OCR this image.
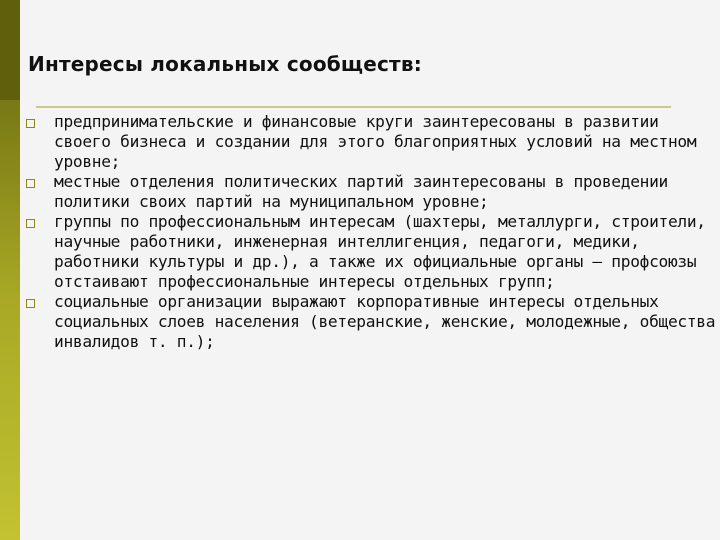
Интересы локальных сообществ:
предпринимательские и финансовые круги заинтересованы в развитии своего бизнеса и создании для этого благоприятных условий на местном уровне;
местные отделения политических партий заинтересованы в проведении политики своих партий на муниципальном уровне;
группы по профессиональным интересам (шахтеры, металлурги, строители, научные работники, инженерная интеллигенция, педагоги, медики, работники культуры и др.), а также их официальные органы — профсоюзы отстаивают профессиональные интересы отдельных групп;
социальные организации выражают корпоративные интересы отдельных социальных слоев населения (ветеранские, женские, молодежные, общества инвалидов т. п.);
